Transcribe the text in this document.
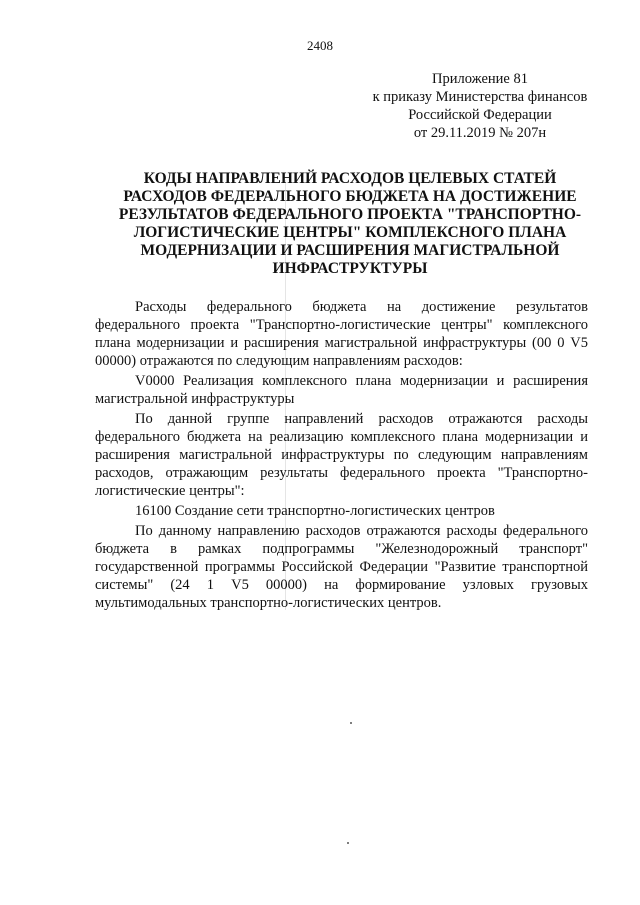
2408
Приложение 81
к приказу Министерства финансов
Российской Федерации
от 29.11.2019 № 207н
КОДЫ НАПРАВЛЕНИЙ РАСХОДОВ ЦЕЛЕВЫХ СТАТЕЙ
РАСХОДОВ ФЕДЕРАЛЬНОГО БЮДЖЕТА НА ДОСТИЖЕНИЕ
РЕЗУЛЬТАТОВ ФЕДЕРАЛЬНОГО ПРОЕКТА "ТРАНСПОРТНО-
ЛОГИСТИЧЕСКИЕ ЦЕНТРЫ" КОМПЛЕКСНОГО ПЛАНА
МОДЕРНИЗАЦИИ И РАСШИРЕНИЯ МАГИСТРАЛЬНОЙ
ИНФРАСТРУКТУРЫ

Расходы федерального бюджета на достижение результатов федерального проекта "Транспортно-логистические центры" комплексного плана модернизации и расширения магистральной инфраструктуры (00 0 V5 00000) отражаются по следующим направлениям расходов:

V0000 Реализация комплексного плана модернизации и расширения магистральной инфраструктуры

По данной группе направлений расходов отражаются расходы федерального бюджета на реализацию комплексного плана модернизации и расширения магистральной инфраструктуры по следующим направлениям расходов, отражающим результаты федерального проекта "Транспортно-логистические центры":

16100 Создание сети транспортно-логистических центров

По данному направлению расходов отражаются расходы федерального бюджета в рамках подпрограммы "Железнодорожный транспорт" государственной программы Российской Федерации "Развитие транспортной системы" (24 1 V5 00000) на формирование узловых грузовых мультимодальных транспортно-логистических центров.
